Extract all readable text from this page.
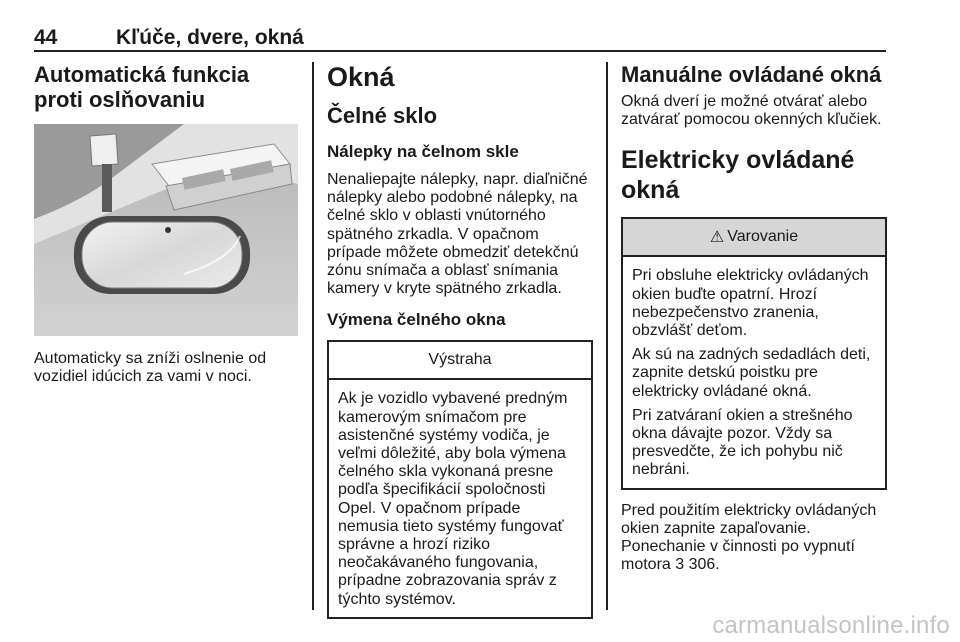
44	Kľúče, dvere, okná
Automatická funkcia proti oslňovaniu

Automaticky sa zníži oslnenie od vozidiel idúcich za vami v noci.

Okná
Čelné sklo
Nálepky na čelnom skle

Nenaliepajte nálepky, napr. diaľničné nálepky alebo podobné nálepky, na čelné sklo v oblasti vnútorného spätného zrkadla. V opačnom prípade môžete obmedziť detekčnú zónu snímača a oblasť snímania kamery v kryte spätného zrkadla.

Výmena čelného okna
Výstraha

Ak je vozidlo vybavené predným kamerovým snímačom pre asistenčné systémy vodiča, je veľmi dôležité, aby bola výmena čelného skla vykonaná presne podľa špecifikácií spoločnosti Opel. V opačnom prípade nemusia tieto systémy fungovať správne a hrozí riziko neočakávaného fungovania, prípadne zobrazovania správ z týchto systémov.

Manuálne ovládané okná

Okná dverí je možné otvárať alebo zatvárať pomocou okenných kľučiek.

Elektricky ovládané okná
⚠ Varovanie

Pri obsluhe elektricky ovládaných okien buďte opatrní. Hrozí nebezpečenstvo zranenia, obzvlášť deťom.

Ak sú na zadných sedadlách deti, zapnite detskú poistku pre elektricky ovládané okná.

Pri zatváraní okien a strešného okna dávajte pozor. Vždy sa presvedčte, že ich pohybu nič nebráni.

Pred použitím elektricky ovládaných okien zapnite zapaľovanie. Ponechanie v činnosti po vypnutí motora 3 306.

carmanualsonline.info
